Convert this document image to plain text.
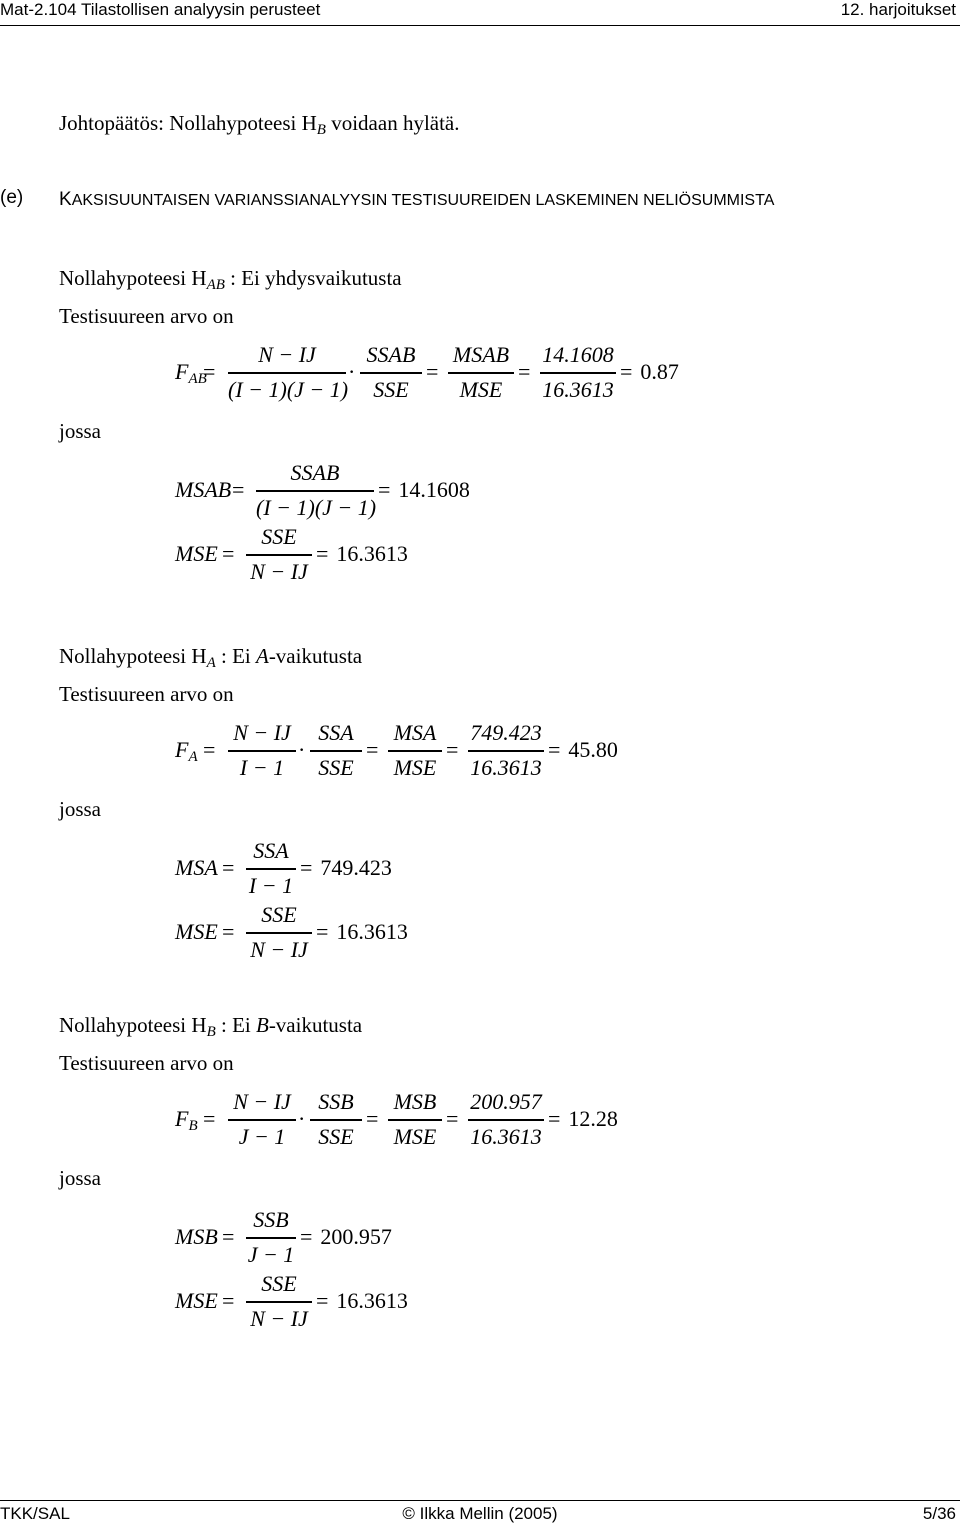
Mat-2.104 Tilastollisen analyysin perusteet	12. harjoitukset
Johtopäätös: Nollahypoteesi HB voidaan hylätä.
(e) KAKSISUUNTAISEN VARIANSSIANALYYSIN TESTISUUREIDEN LASKEMINEN NELIÖSUMMISTA
Nollahypoteesi HAB : Ei yhdysvaikutusta
Testisuureen arvo on
FAB
=
N − IJ
(I − 1)(J − 1)
·
SSAB
SSE
=
MSAB
MSE
=
14.1608
16.3613
= 0.87
jossa
MSAB =
SSAB
(I − 1)(J − 1)
= 14.1608
MSE =
SSE
N − IJ
= 16.3613
Nollahypoteesi HA : Ei A-vaikutusta
Testisuureen arvo on
FA =
N − IJ
I − 1
·
SSA
SSE
=
MSA
MSE
=
749.423
16.3613
= 45.80
jossa
MSA =
SSA
I − 1
= 749.423
MSE =
SSE
N − IJ
= 16.3613
Nollahypoteesi HB : Ei B-vaikutusta
Testisuureen arvo on
FB =
N − IJ
J − 1
·
SSB
SSE
=
MSB
MSE
=
200.957
16.3613
= 12.28
jossa
MSB =
SSB
J − 1
= 200.957
MSE =
SSE
N − IJ
= 16.3613
TKK/SAL	© Ilkka Mellin (2005)	5/36
